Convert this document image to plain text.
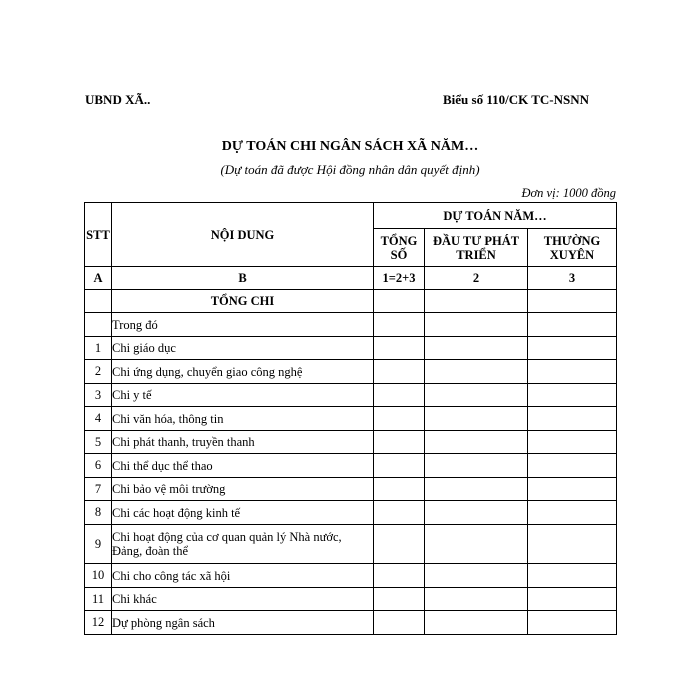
UBND XÃ..	Biểu số 110/CK TC-NSNN
DỰ TOÁN CHI NGÂN SÁCH XÃ NĂM…
(Dự toán đã được Hội đồng nhân dân quyết định)
Đơn vị: 1000 đồng
STT	NỘI DUNG	DỰ TOÁN NĂM…		
		TỔNG SỐ	ĐẦU TƯ PHÁT TRIỂN	THƯỜNG XUYÊN
A	B	1=2+3	2	3
	TỔNG CHI			
	Trong đó			
1	Chi giáo dục			
2	Chi ứng dụng, chuyển giao công nghệ			
3	Chi y tế			
4	Chi văn hóa, thông tin			
5	Chi phát thanh, truyền thanh			
6	Chi thể dục thể thao			
7	Chi bảo vệ môi trường			
8	Chi các hoạt động kinh tế			
9	Chi hoạt động của cơ quan quản lý Nhà nước, Đảng, đoàn thể			
10	Chi cho công tác xã hội			
11	Chi khác			
12	Dự phòng ngân sách			
